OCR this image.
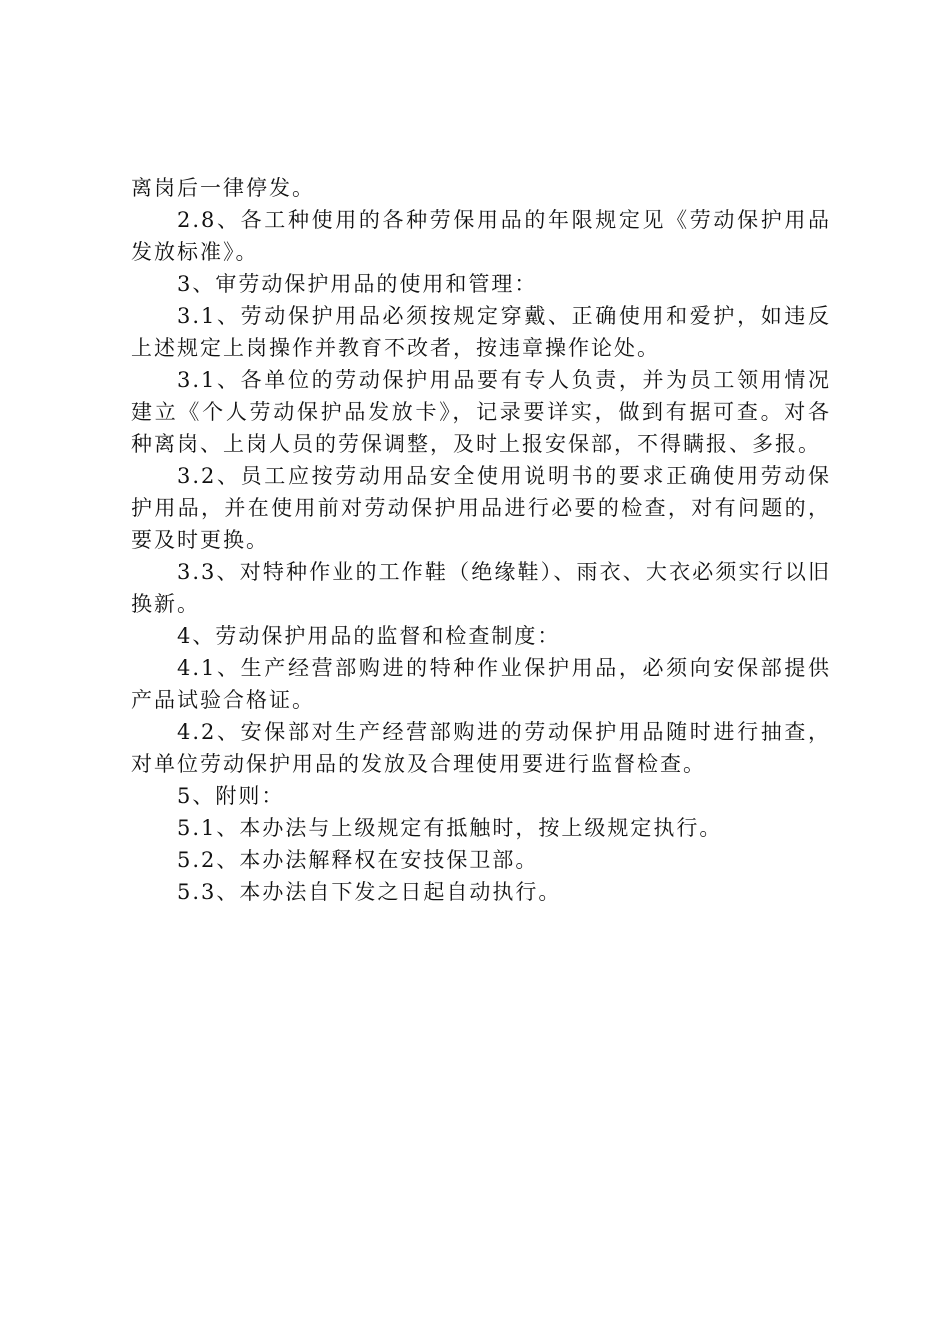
离岗后一律停发。

2.8、各工种使用的各种劳保用品的年限规定见《劳动保护用品发放标准》。

3、审劳动保护用品的使用和管理：

3.1、劳动保护用品必须按规定穿戴、正确使用和爱护，如违反上述规定上岗操作并教育不改者，按违章操作论处。

3.1、各单位的劳动保护用品要有专人负责，并为员工领用情况建立《个人劳动保护品发放卡》，记录要详实，做到有据可查。对各种离岗、上岗人员的劳保调整，及时上报安保部，不得瞒报、多报。

3.2、员工应按劳动用品安全使用说明书的要求正确使用劳动保护用品，并在使用前对劳动保护用品进行必要的检查，对有问题的，要及时更换。

3.3、对特种作业的工作鞋（绝缘鞋）、雨衣、大衣必须实行以旧换新。

4、劳动保护用品的监督和检查制度：

4.1、生产经营部购进的特种作业保护用品，必须向安保部提供产品试验合格证。

4.2、安保部对生产经营部购进的劳动保护用品随时进行抽查，对单位劳动保护用品的发放及合理使用要进行监督检查。

5、附则：

5.1、本办法与上级规定有抵触时，按上级规定执行。

5.2、本办法解释权在安技保卫部。

5.3、本办法自下发之日起自动执行。
